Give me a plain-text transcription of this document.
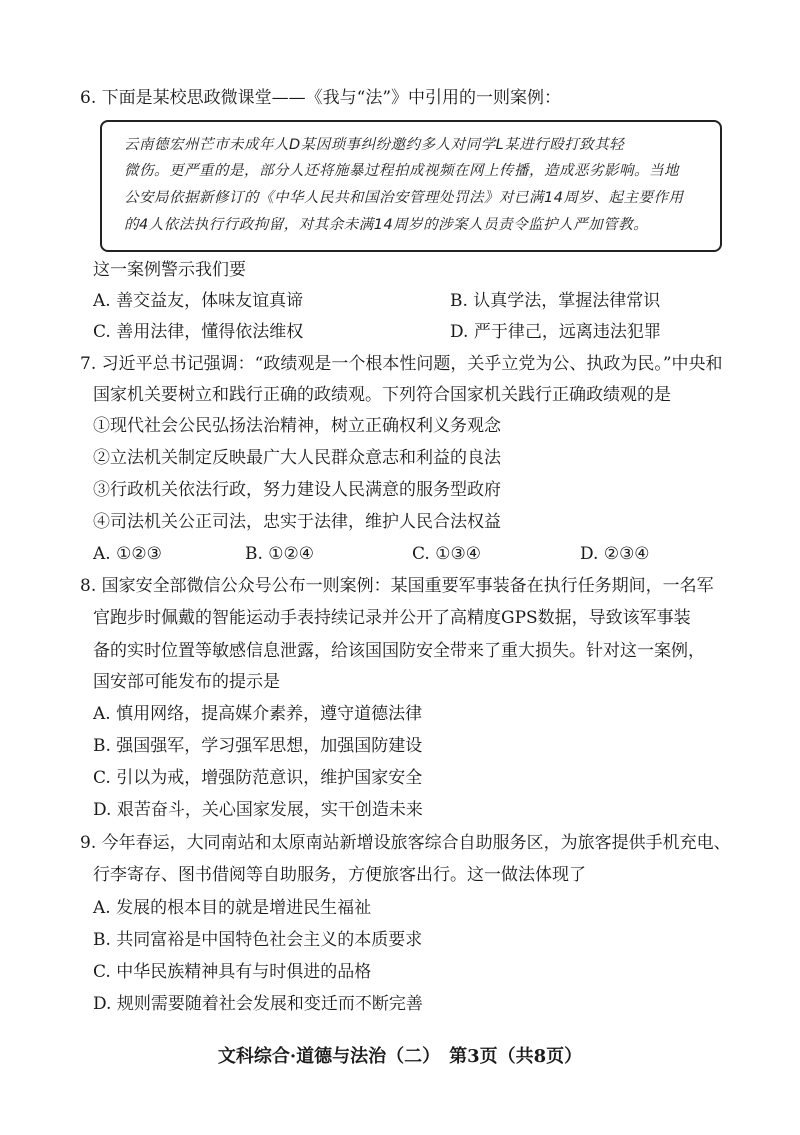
6. 下面是某校思政微课堂——《我与“法”》中引用的一则案例：
云南德宏州芒市未成年人D某因琐事纠纷邀约多人对同学L某进行殴打致其轻
微伤。更严重的是，部分人还将施暴过程拍成视频在网上传播，造成恶劣影响。当地
公安局依据新修订的《中华人民共和国治安管理处罚法》对已满14周岁、起主要作用
的4人依法执行行政拘留，对其余未满14周岁的涉案人员责令监护人严加管教。
这一案例警示我们要
A. 善交益友，体味友谊真谛	B. 认真学法，掌握法律常识
C. 善用法律，懂得依法维权	D. 严于律己，远离违法犯罪
7. 习近平总书记强调：“政绩观是一个根本性问题，关乎立党为公、执政为民。”中央和
国家机关要树立和践行正确的政绩观。下列符合国家机关践行正确政绩观的是
①现代社会公民弘扬法治精神，树立正确权利义务观念
②立法机关制定反映最广大人民群众意志和利益的良法
③行政机关依法行政，努力建设人民满意的服务型政府
④司法机关公正司法，忠实于法律，维护人民合法权益
A. ①②③	B. ①②④	C. ①③④	D. ②③④
8. 国家安全部微信公众号公布一则案例：某国重要军事装备在执行任务期间，一名军
官跑步时佩戴的智能运动手表持续记录并公开了高精度GPS数据，导致该军事装
备的实时位置等敏感信息泄露，给该国国防安全带来了重大损失。针对这一案例，
国安部可能发布的提示是
A. 慎用网络，提高媒介素养，遵守道德法律
B. 强国强军，学习强军思想，加强国防建设
C. 引以为戒，增强防范意识，维护国家安全
D. 艰苦奋斗，关心国家发展，实干创造未来
9. 今年春运，大同南站和太原南站新增设旅客综合自助服务区，为旅客提供手机充电、
行李寄存、图书借阅等自助服务，方便旅客出行。这一做法体现了
A. 发展的根本目的就是增进民生福祉
B. 共同富裕是中国特色社会主义的本质要求
C. 中华民族精神具有与时俱进的品格
D. 规则需要随着社会发展和变迁而不断完善
文科综合·道德与法治（二）　第3页（共8页）
